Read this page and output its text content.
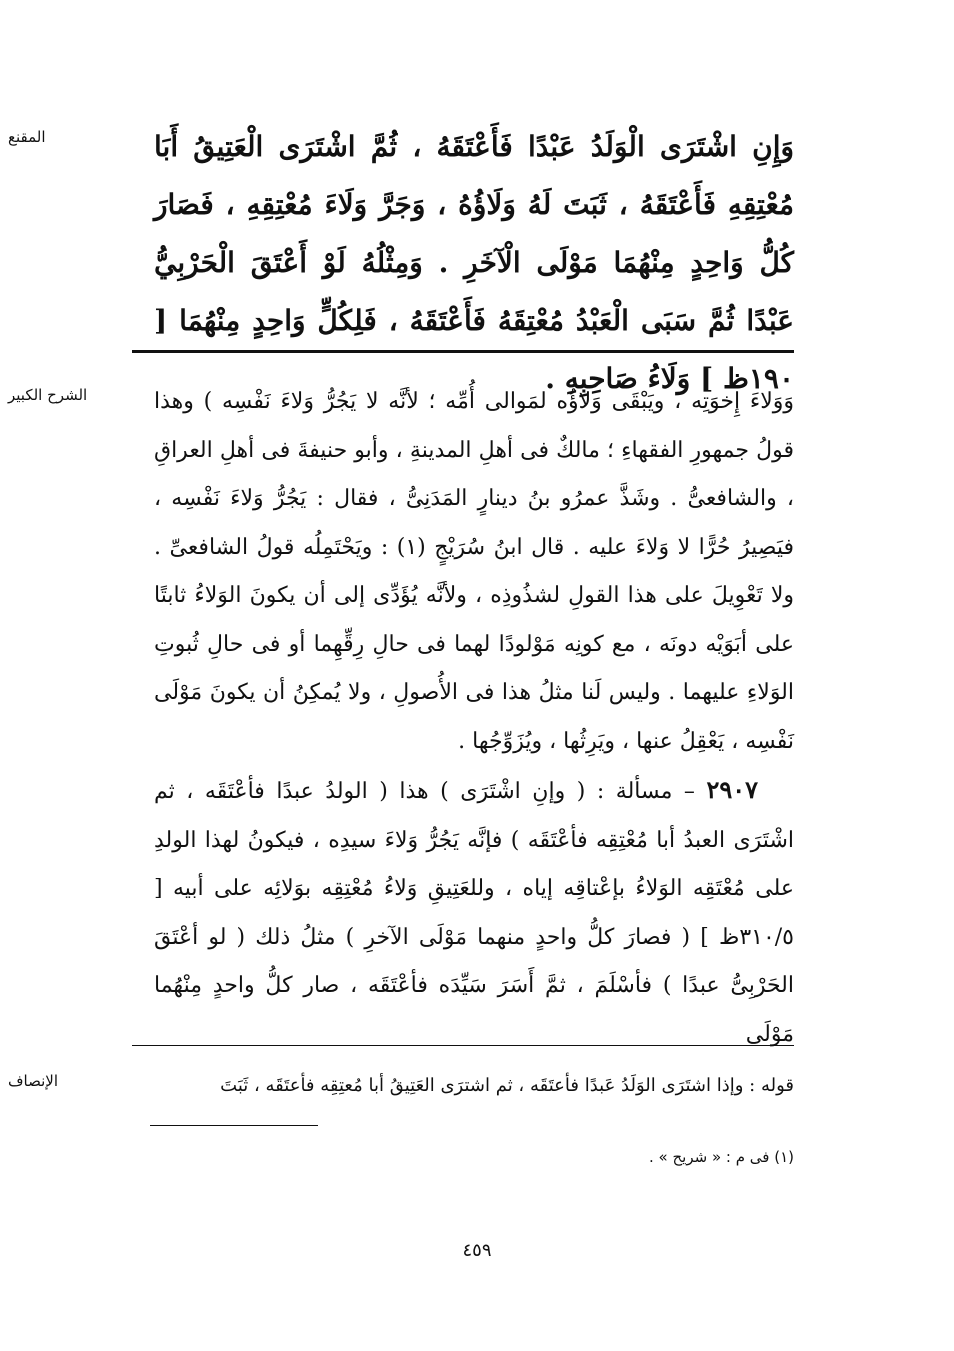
المقنع	وَإِنِ اشْتَرَى الْوَلَدُ عَبْدًا فَأَعْتَقَهُ ، ثُمَّ اشْتَرَى الْعَتِيقُ أَبَا مُعْتِقِهِ فَأَعْتَقَهُ ، ثَبَتَ لَهُ وَلَاؤُهُ ، وَجَرَّ وَلَاءَ مُعْتِقِهِ ، فَصَارَ كُلُّ وَاحِدٍ مِنْهُمَا مَوْلَى الْآخَرِ . وَمِثْلُهُ لَوْ أَعْتَقَ الْحَرْبِيُّ عَبْدًا ثُمَّ سَبَى الْعَبْدُ مُعْتِقَهُ فَأَعْتَقَهُ ، فَلِكُلٍّ وَاحِدٍ مِنْهُمَا [ ١٩٠ظ ] وَلَاءُ صَاحِبِهِ .
الشرح الكبير	وَوَلاءَ إِخوَتِه ، ويَبْقَى وَلاؤُه لمَوالى أُمِّه ؛ لأنَّه لا يَجُرُّ وَلاءَ نَفْسِه ) وهذا قولُ جمهورِ الفقهاءِ ؛ مالكٌ فى أهلِ المدينةِ ، وأبو حنيفةَ فى أهلِ العراقِ ، والشافعىُّ . وشَذَّ عمرُو بنُ دينارٍ المَدَنِىُّ ، فقال : يَجُرُّ وَلاءَ نَفْسِه ، فيَصِيرُ حُرًّا لا وَلاءَ عليه . قال ابنُ سُرَيْجٍ (١) : ويَحْتَمِلُه قولُ الشافعىِّ . ولا تَعْوِيلَ على هذا القولِ لشذُوذِه ، ولأنَّه يُؤَدِّى إلى أن يكونَ الوَلاءُ ثابتًا على أبَوَيْه دونَه ، مع كونِه مَوْلودًا لهما فى حالِ رِقِّهِما أو فى حالِ ثُبوتِ الوَلاءِ عليهما . وليس لَنا مثلُ هذا فى الأُصولِ ، ولا يُمكِنُ أن يكونَ مَوْلَى نَفْسِه ، يَعْقِلُ عنها ، ويَرِثُها ، ويُزَوِّجُها .

٢٩٠٧ – مسألة : ( وإنِ اشْتَرَى ) هذا ( الولدُ عبدًا فأعْتَقَه ، ثم اشْتَرَى العبدُ أبا مُعْتِقِه فأعْتَقَه ) فإنَّه يَجُرُّ وَلاءَ سيدِه ، فيكونُ لهذا الولدِ على مُعْتَقِه الوَلاءُ بإعْتاقِه إياه ، وللعَتِيقِ وَلاءُ مُعْتِقِه بوَلائِه على أبيه [ ٣١٠/٥ظ ] ( فصارَ كلُّ واحدٍ منهما مَوْلَى الآخرِ ) مثلُ ذلك ( لو أعْتَقَ الحَرْبِىُّ عبدًا ) فأسْلَمَ ، ثمَّ أَسَرَ سَيِّدَه فأعْتَقَه ، صار كلُّ واحدٍ مِنْهُما مَوْلَى

الإنصاف	قوله : وإذا اشتَرَى الوَلَدُ عَبدًا فأعتَقَه ، ثم اشترَى العَتِيقُ أبا مُعتِقِه فأعتَقَه ، ثَبَتَ
(١) فى م : « شريح » .
٤٥٩
